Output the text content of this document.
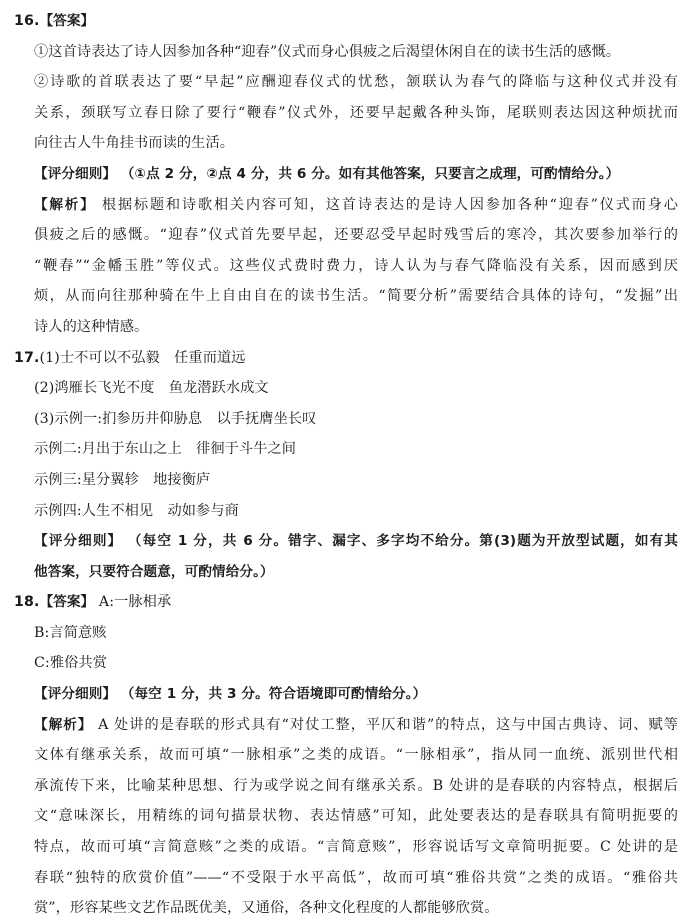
16.【答案】
①这首诗表达了诗人因参加各种“迎春”仪式而身心俱疲之后渴望休闲自在的读书生活的感慨。
②诗歌的首联表达了要“早起”应酬迎春仪式的忧愁，颔联认为春气的降临与这种仪式并没有
关系，颈联写立春日除了要行“鞭春”仪式外，还要早起戴各种头饰，尾联则表达因这种烦扰而
向往古人牛角挂书而读的生活。
【评分细则】 （①点 2 分，②点 4 分，共 6 分。如有其他答案，只要言之成理，可酌情给分。）
【解析】 根据标题和诗歌相关内容可知，这首诗表达的是诗人因参加各种“迎春”仪式而身心
俱疲之后的感慨。“迎春”仪式首先要早起，还要忍受早起时残雪后的寒冷，其次要参加举行的
“鞭春”“金幡玉胜”等仪式。这些仪式费时费力，诗人认为与春气降临没有关系，因而感到厌
烦，从而向往那种骑在牛上自由自在的读书生活。“简要分析”需要结合具体的诗句，“发掘”出
诗人的这种情感。
17.(1)士不可以不弘毅　任重而道远
(2)鸿雁长飞光不度　鱼龙潜跃水成文
(3)示例一:扪参历井仰胁息　以手抚膺坐长叹
示例二:月出于东山之上　徘徊于斗牛之间
示例三:星分翼轸　地接衡庐
示例四:人生不相见　动如参与商
【评分细则】 （每空 1 分，共 6 分。错字、漏字、多字均不给分。第(3)题为开放型试题，如有其
他答案，只要符合题意，可酌情给分。）
18.【答案】 A:一脉相承
B:言简意赅
C:雅俗共赏
【评分细则】 （每空 1 分，共 3 分。符合语境即可酌情给分。）
【解析】 A 处讲的是春联的形式具有“对仗工整，平仄和谐”的特点，这与中国古典诗、词、赋等
文体有继承关系，故而可填“一脉相承”之类的成语。“一脉相承”，指从同一血统、派别世代相
承流传下来，比喻某种思想、行为或学说之间有继承关系。B 处讲的是春联的内容特点，根据后
文“意味深长，用精练的词句描景状物、表达情感”可知，此处要表达的是春联具有简明扼要的
特点，故而可填“言简意赅”之类的成语。“言简意赅”，形容说话写文章简明扼要。C 处讲的是
春联“独特的欣赏价值”——“不受限于水平高低”，故而可填“雅俗共赏”之类的成语。“雅俗共
赏”，形容某些文艺作品既优美，又通俗，各种文化程度的人都能够欣赏。
